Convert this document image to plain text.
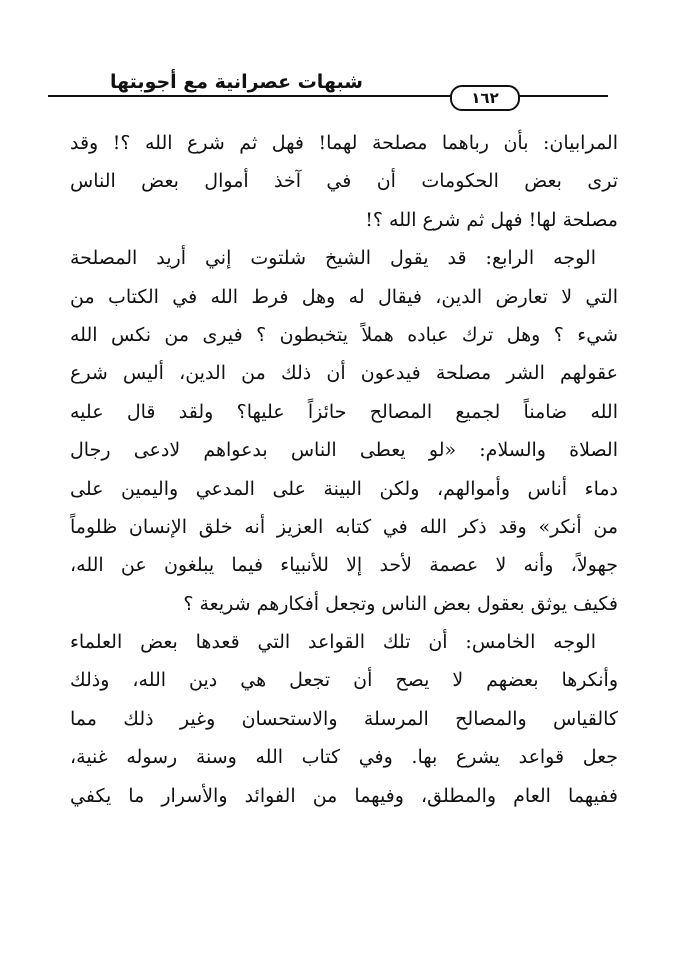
شبهات عصرانية مع أجوبتها
١٦٢
المرابيان: بأن رباهما مصلحة لهما! فهل ثم شرع الله ؟! وقد
ترى بعض الحكومات أن في آخذ أموال بعض الناس
مصلحة لها! فهل ثم شرع الله ؟!
الوجه الرابع: قد يقول الشيخ شلتوت إني أريد المصلحة
التي لا تعارض الدين، فيقال له وهل فرط الله في الكتاب من
شيء ؟ وهل ترك عباده هملاً يتخبطون ؟ فيرى من نكس الله
عقولهم الشر مصلحة فيدعون أن ذلك من الدين، أليس شرع
الله ضامناً لجميع المصالح حائزاً عليها؟ ولقد قال عليه
الصلاة والسلام: «لو يعطى الناس بدعواهم لادعى رجال
دماء أناس وأموالهم، ولكن البينة على المدعي واليمين على
من أنكر» وقد ذكر الله في كتابه العزيز أنه خلق الإنسان ظلوماً
جهولاً، وأنه لا عصمة لأحد إلا للأنبياء فيما يبلغون عن الله،
فكيف يوثق بعقول بعض الناس وتجعل أفكارهم شريعة ؟
الوجه الخامس: أن تلك القواعد التي قعدها بعض العلماء
وأنكرها بعضهم لا يصح أن تجعل هي دين الله، وذلك
كالقياس والمصالح المرسلة والاستحسان وغير ذلك مما
جعل قواعد يشرع بها. وفي كتاب الله وسنة رسوله غنية،
ففيهما العام والمطلق، وفيهما من الفوائد والأسرار ما يكفي
